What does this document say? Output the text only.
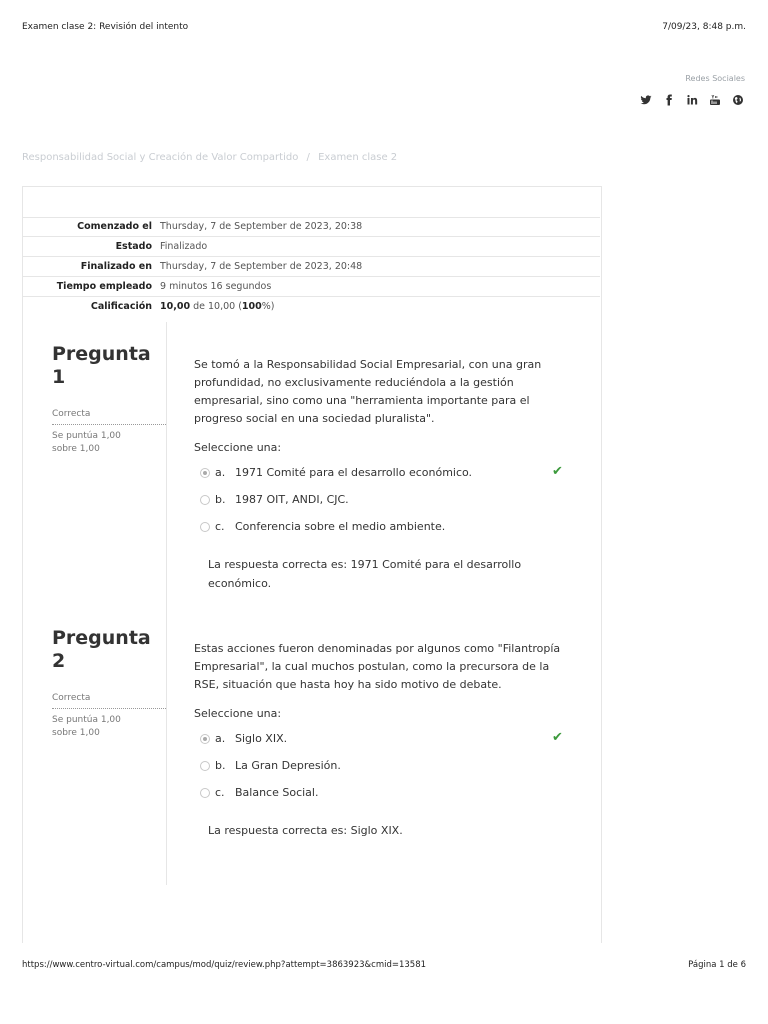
Examen clase 2: Revisión del intento	7/09/23, 8:48 p.m.
Redes Sociales
Responsabilidad Social y Creación de Valor Compartido / Examen clase 2
Comenzado el	Thursday, 7 de September de 2023, 20:38
Estado	Finalizado
Finalizado en	Thursday, 7 de September de 2023, 20:48
Tiempo empleado	9 minutos 16 segundos
Calificación	10,00 de 10,00 (100%)
Pregunta 1
Correcta
Se puntúa 1,00 sobre 1,00
Se tomó a la Responsabilidad Social Empresarial, con una gran profundidad, no exclusivamente reduciéndola a la gestión empresarial, sino como una "herramienta importante para el progreso social en una sociedad pluralista".
Seleccione una:
a. 1971 Comité para el desarrollo económico.	✔
b. 1987 OIT, ANDI, CJC.
c. Conferencia sobre el medio ambiente.
La respuesta correcta es: 1971 Comité para el desarrollo económico.
Pregunta 2
Correcta
Se puntúa 1,00 sobre 1,00
Estas acciones fueron denominadas por algunos como "Filantropía Empresarial", la cual muchos postulan, como la precursora de la RSE, situación que hasta hoy ha sido motivo de debate.
Seleccione una:
a. Siglo XIX.	✔
b. La Gran Depresión.
c. Balance Social.
La respuesta correcta es: Siglo XIX.
https://www.centro-virtual.com/campus/mod/quiz/review.php?attempt=3863923&cmid=13581	Página 1 de 6
